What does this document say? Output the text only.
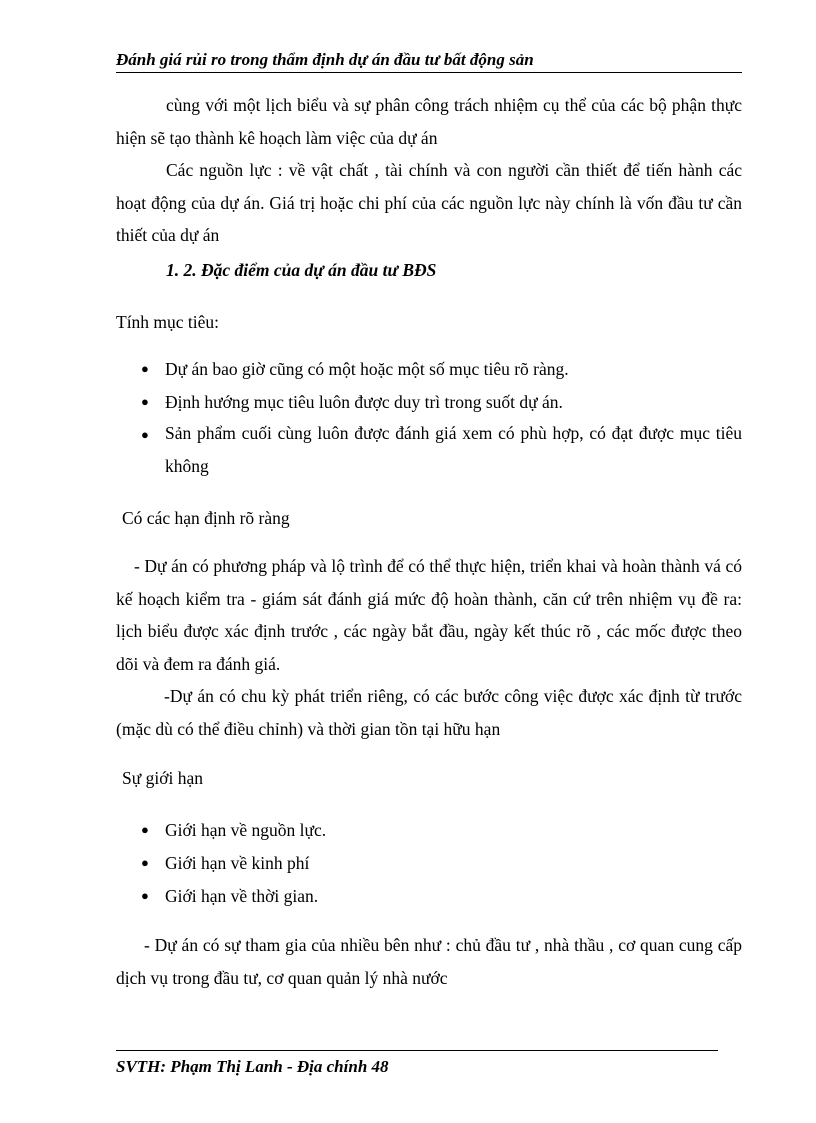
Đánh giá rủi ro trong thẩm định dự án đầu tư bất động sản
cùng với một lịch biểu và sự phân công trách nhiệm cụ thể của các bộ phận thực hiện sẽ tạo thành kê hoạch làm việc của dự án
Các nguồn lực : về vật chất , tài chính và con người cần thiết để tiến hành các hoạt động của dự án. Giá trị hoặc chi phí của các nguồn lực này chính là vốn đầu tư cần thiết của dự án
1. 2. Đặc điểm của dự án đầu tư BĐS
Tính mục tiêu:
● Dự án bao giờ cũng có một hoặc một số mục tiêu rõ ràng.
● Định hướng mục tiêu luôn được duy trì trong suốt dự án.
● Sản phẩm cuối cùng luôn được đánh giá xem có phù hợp, có đạt được mục tiêu không
Có các hạn định rõ ràng
- Dự án có phương pháp và lộ trình để có thể thực hiện, triển khai và hoàn thành vá có kế hoạch kiểm tra - giám sát đánh giá mức độ hoàn thành, căn cứ trên nhiệm vụ đề ra: lịch biểu được xác định trước , các ngày bắt đầu, ngày kết thúc rõ , các mốc được theo dõi và đem ra đánh giá.
-Dự án có chu kỳ phát triển riêng, có các bước công việc được xác định từ trước (mặc dù có thể điều chỉnh) và thời gian tồn tại hữu hạn
Sự giới hạn
● Giới hạn về nguồn lực.
● Giới hạn về kinh phí
● Giới hạn về thời gian.
- Dự án có sự tham gia của nhiều bên như : chủ đầu tư , nhà thầu , cơ quan cung cấp dịch vụ trong đầu tư, cơ quan quản lý nhà nước
SVTH: Phạm Thị Lanh - Địa chính 48
